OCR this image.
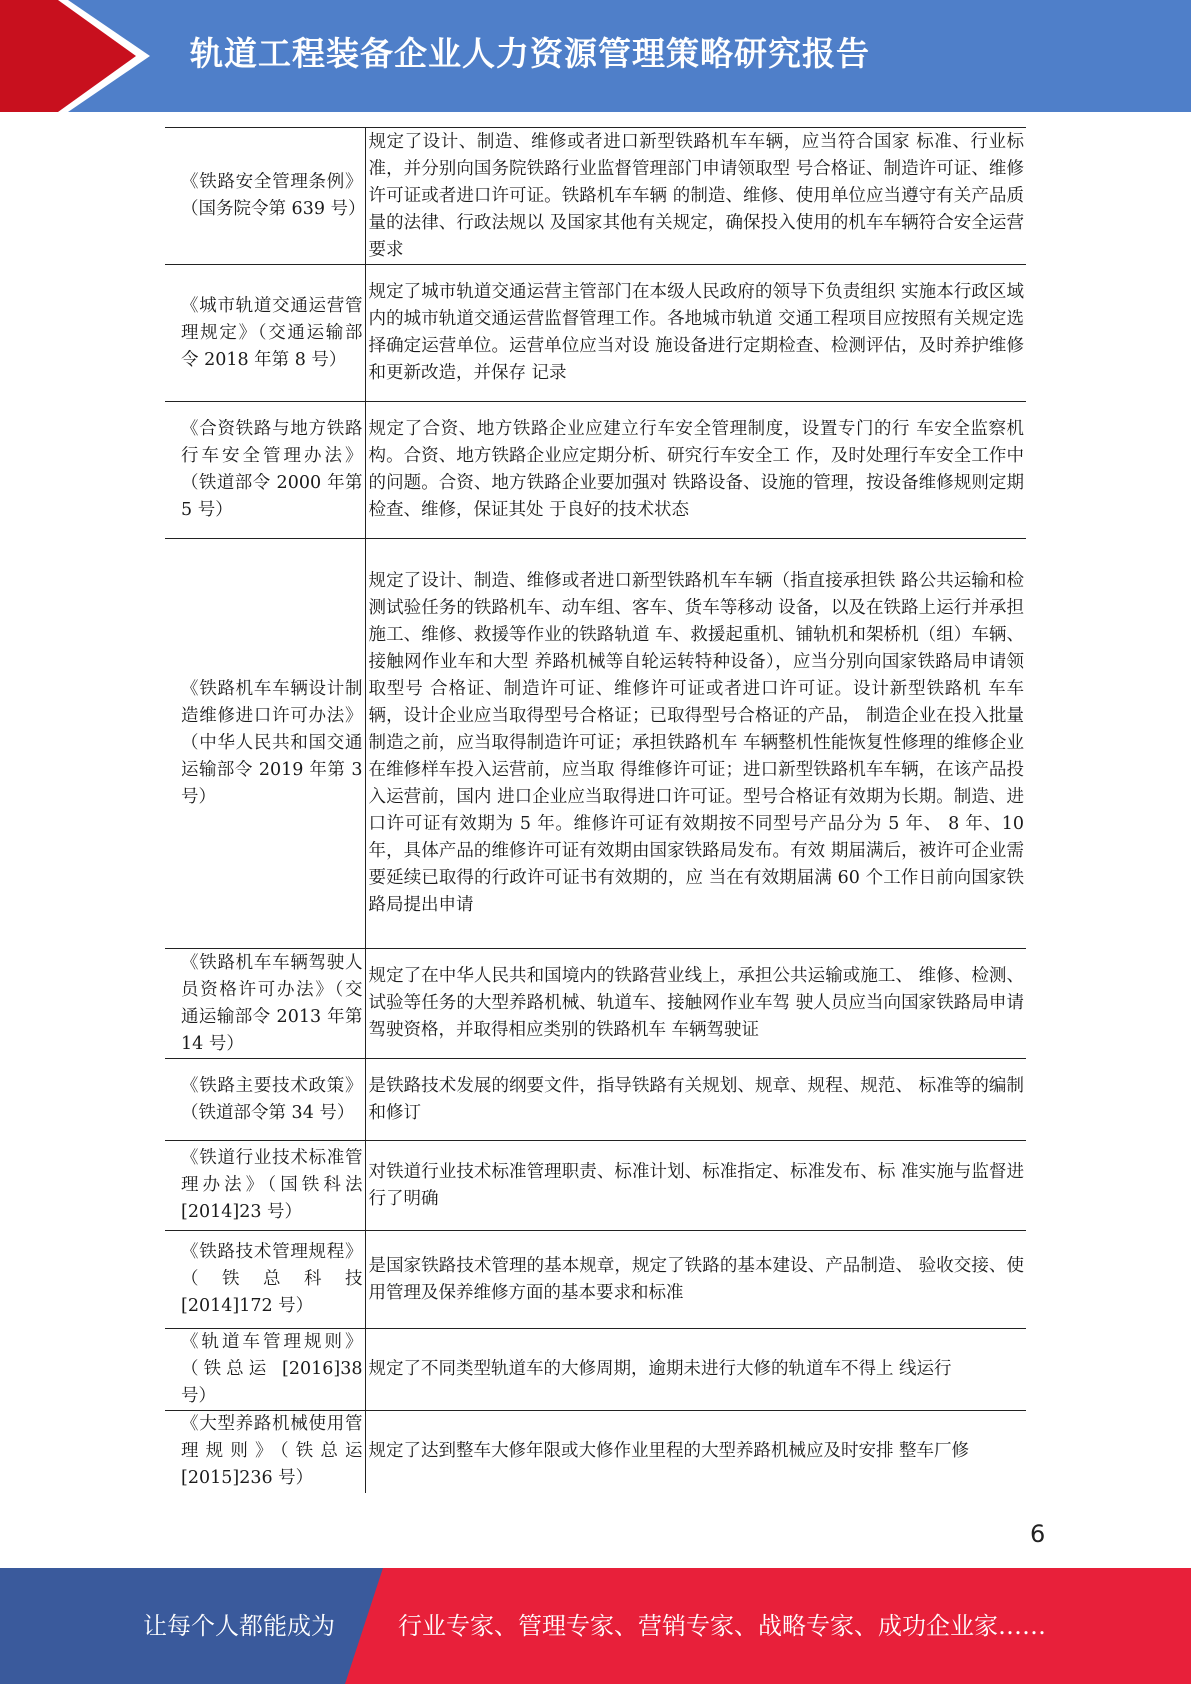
轨道工程装备企业人力资源管理策略研究报告
《铁路安全管理条例》（国务院令第 639 号）	规定了设计、制造、维修或者进口新型铁路机车车辆，应当符合国家 标准、行业标准，并分别向国务院铁路行业监督管理部门申请领取型 号合格证、制造许可证、维修许可证或者进口许可证。铁路机车车辆 的制造、维修、使用单位应当遵守有关产品质量的法律、行政法规以 及国家其他有关规定，确保投入使用的机车车辆符合安全运营要求
《城市轨道交通运营管理规定》（交通运输部令 2018 年第 8 号）	规定了城市轨道交通运营主管部门在本级人民政府的领导下负责组织 实施本行政区域内的城市轨道交通运营监督管理工作。各地城市轨道 交通工程项目应按照有关规定选择确定运营单位。运营单位应当对设 施设备进行定期检查、检测评估，及时养护维修和更新改造，并保存 记录
《合资铁路与地方铁路行车安全管理办法》（铁道部令 2000 年第 5 号）	规定了合资、地方铁路企业应建立行车安全管理制度，设置专门的行 车安全监察机构。合资、地方铁路企业应定期分析、研究行车安全工 作，及时处理行车安全工作中的问题。合资、地方铁路企业要加强对 铁路设备、设施的管理，按设备维修规则定期检查、维修，保证其处 于良好的技术状态
《铁路机车车辆设计制造维修进口许可办法》（中华人民共和国交通运输部令 2019 年第 3 号）	规定了设计、制造、维修或者进口新型铁路机车车辆（指直接承担铁 路公共运输和检测试验任务的铁路机车、动车组、客车、货车等移动 设备，以及在铁路上运行并承担施工、维修、救援等作业的铁路轨道 车、救援起重机、铺轨机和架桥机（组）车辆、接触网作业车和大型 养路机械等自轮运转特种设备），应当分别向国家铁路局申请领取型号 合格证、制造许可证、维修许可证或者进口许可证。设计新型铁路机 车车辆，设计企业应当取得型号合格证；已取得型号合格证的产品， 制造企业在投入批量制造之前，应当取得制造许可证；承担铁路机车 车辆整机性能恢复性修理的维修企业在维修样车投入运营前，应当取 得维修许可证；进口新型铁路机车车辆，在该产品投入运营前，国内 进口企业应当取得进口许可证。型号合格证有效期为长期。制造、进 口许可证有效期为 5 年。维修许可证有效期按不同型号产品分为 5 年、 8 年、10 年，具体产品的维修许可证有效期由国家铁路局发布。有效 期届满后，被许可企业需要延续已取得的行政许可证书有效期的，应 当在有效期届满 60 个工作日前向国家铁路局提出申请
《铁路机车车辆驾驶人员资格许可办法》（交通运输部令 2013 年第 14 号）	规定了在中华人民共和国境内的铁路营业线上，承担公共运输或施工、 维修、检测、试验等任务的大型养路机械、轨道车、接触网作业车驾 驶人员应当向国家铁路局申请驾驶资格，并取得相应类别的铁路机车 车辆驾驶证
《铁路主要技术政策》（铁道部令第 34 号）	是铁路技术发展的纲要文件，指导铁路有关规划、规章、规程、规范、 标准等的编制和修订
《铁道行业技术标准管理办法》（国铁科法[2014]23 号）	对铁道行业技术标准管理职责、标准计划、标准指定、标准发布、标 准实施与监督进行了明确
《铁路技术管理规程》（铁总科技 [2014]172 号）	是国家铁路技术管理的基本规章，规定了铁路的基本建设、产品制造、 验收交接、使用管理及保养维修方面的基本要求和标准
《轨道车管理规则》（铁总运 [2016]38 号）	规定了不同类型轨道车的大修周期，逾期未进行大修的轨道车不得上 线运行
《大型养路机械使用管理规则》（铁总运[2015]236 号）	规定了达到整车大修年限或大修作业里程的大型养路机械应及时安排 整车厂修
6
让每个人都能成为	行业专家、管理专家、营销专家、战略专家、成功企业家……
